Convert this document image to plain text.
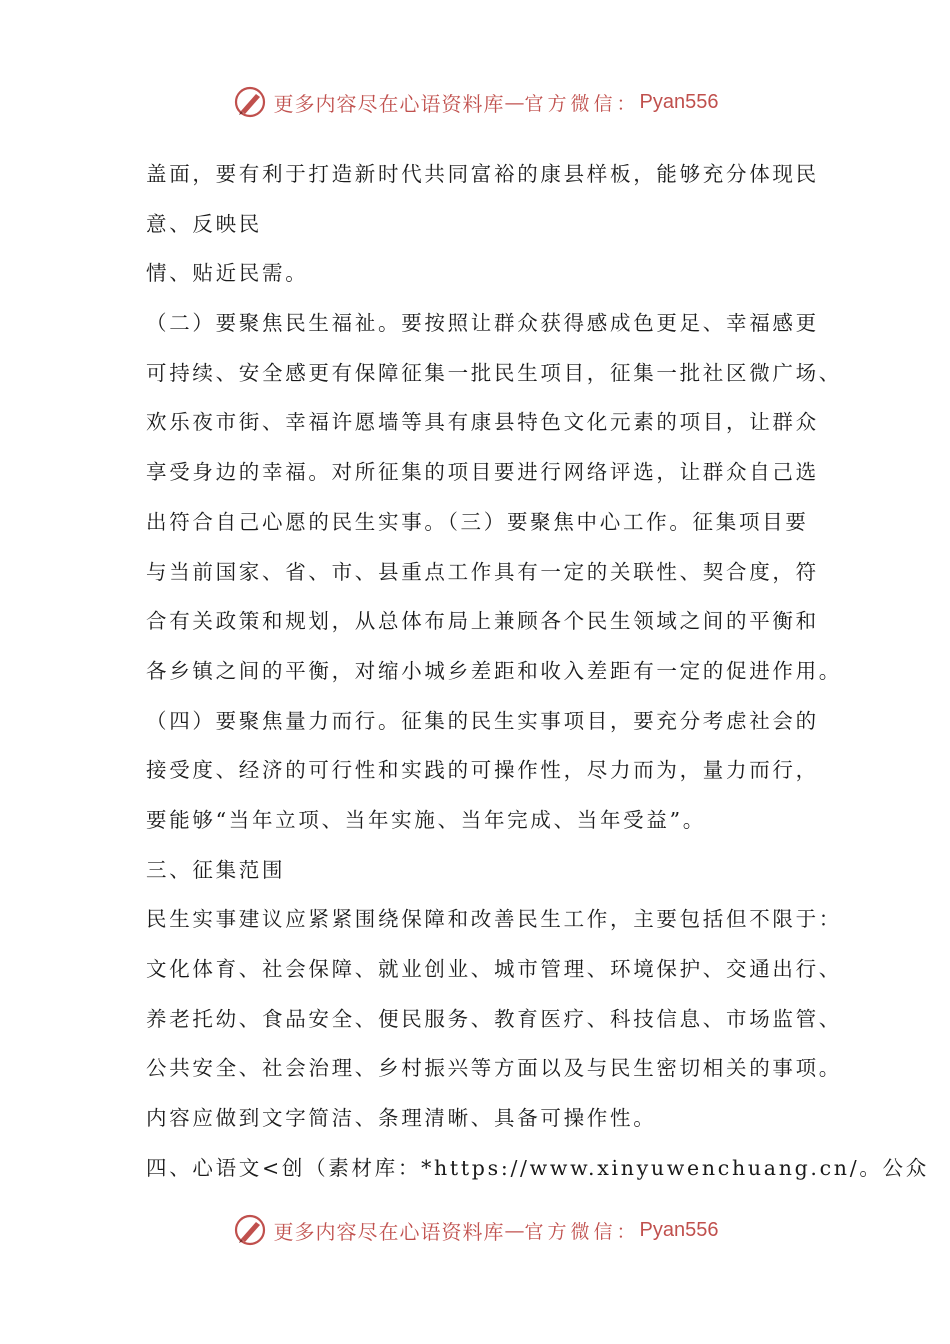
更多内容尽在心语资料库 — 官方微信： Pyan556
盖面，要有利于打造新时代共同富裕的康县样板，能够充分体现民
意、反映民
情、贴近民需。
（二）要聚焦民生福祉。要按照让群众获得感成色更足、幸福感更
可持续、安全感更有保障征集一批民生项目，征集一批社区微广场、
欢乐夜市街、幸福许愿墙等具有康县特色文化元素的项目，让群众
享受身边的幸福。对所征集的项目要进行网络评选，让群众自己选
出符合自己心愿的民生实事。（三）要聚焦中心工作。征集项目要
与当前国家、省、市、县重点工作具有一定的关联性、契合度，符
合有关政策和规划，从总体布局上兼顾各个民生领域之间的平衡和
各乡镇之间的平衡，对缩小城乡差距和收入差距有一定的促进作用。
（四）要聚焦量力而行。征集的民生实事项目，要充分考虑社会的
接受度、经济的可行性和实践的可操作性，尽力而为，量力而行，
要能够“当年立项、当年实施、当年完成、当年受益”。
三、征集范围
民生实事建议应紧紧围绕保障和改善民生工作，主要包括但不限于：
文化体育、社会保障、就业创业、城市管理、环境保护、交通出行、
养老托幼、食品安全、便民服务、教育医疗、科技信息、市场监管、
公共安全、社会治理、乡村振兴等方面以及与民生密切相关的事项。
内容应做到文字简洁、条理清晰、具备可操作性。
四、心语文<创（素材库：*https://www.xinyuwenchuang.cn/。公众
更多内容尽在心语资料库 — 官方微信： Pyan556
